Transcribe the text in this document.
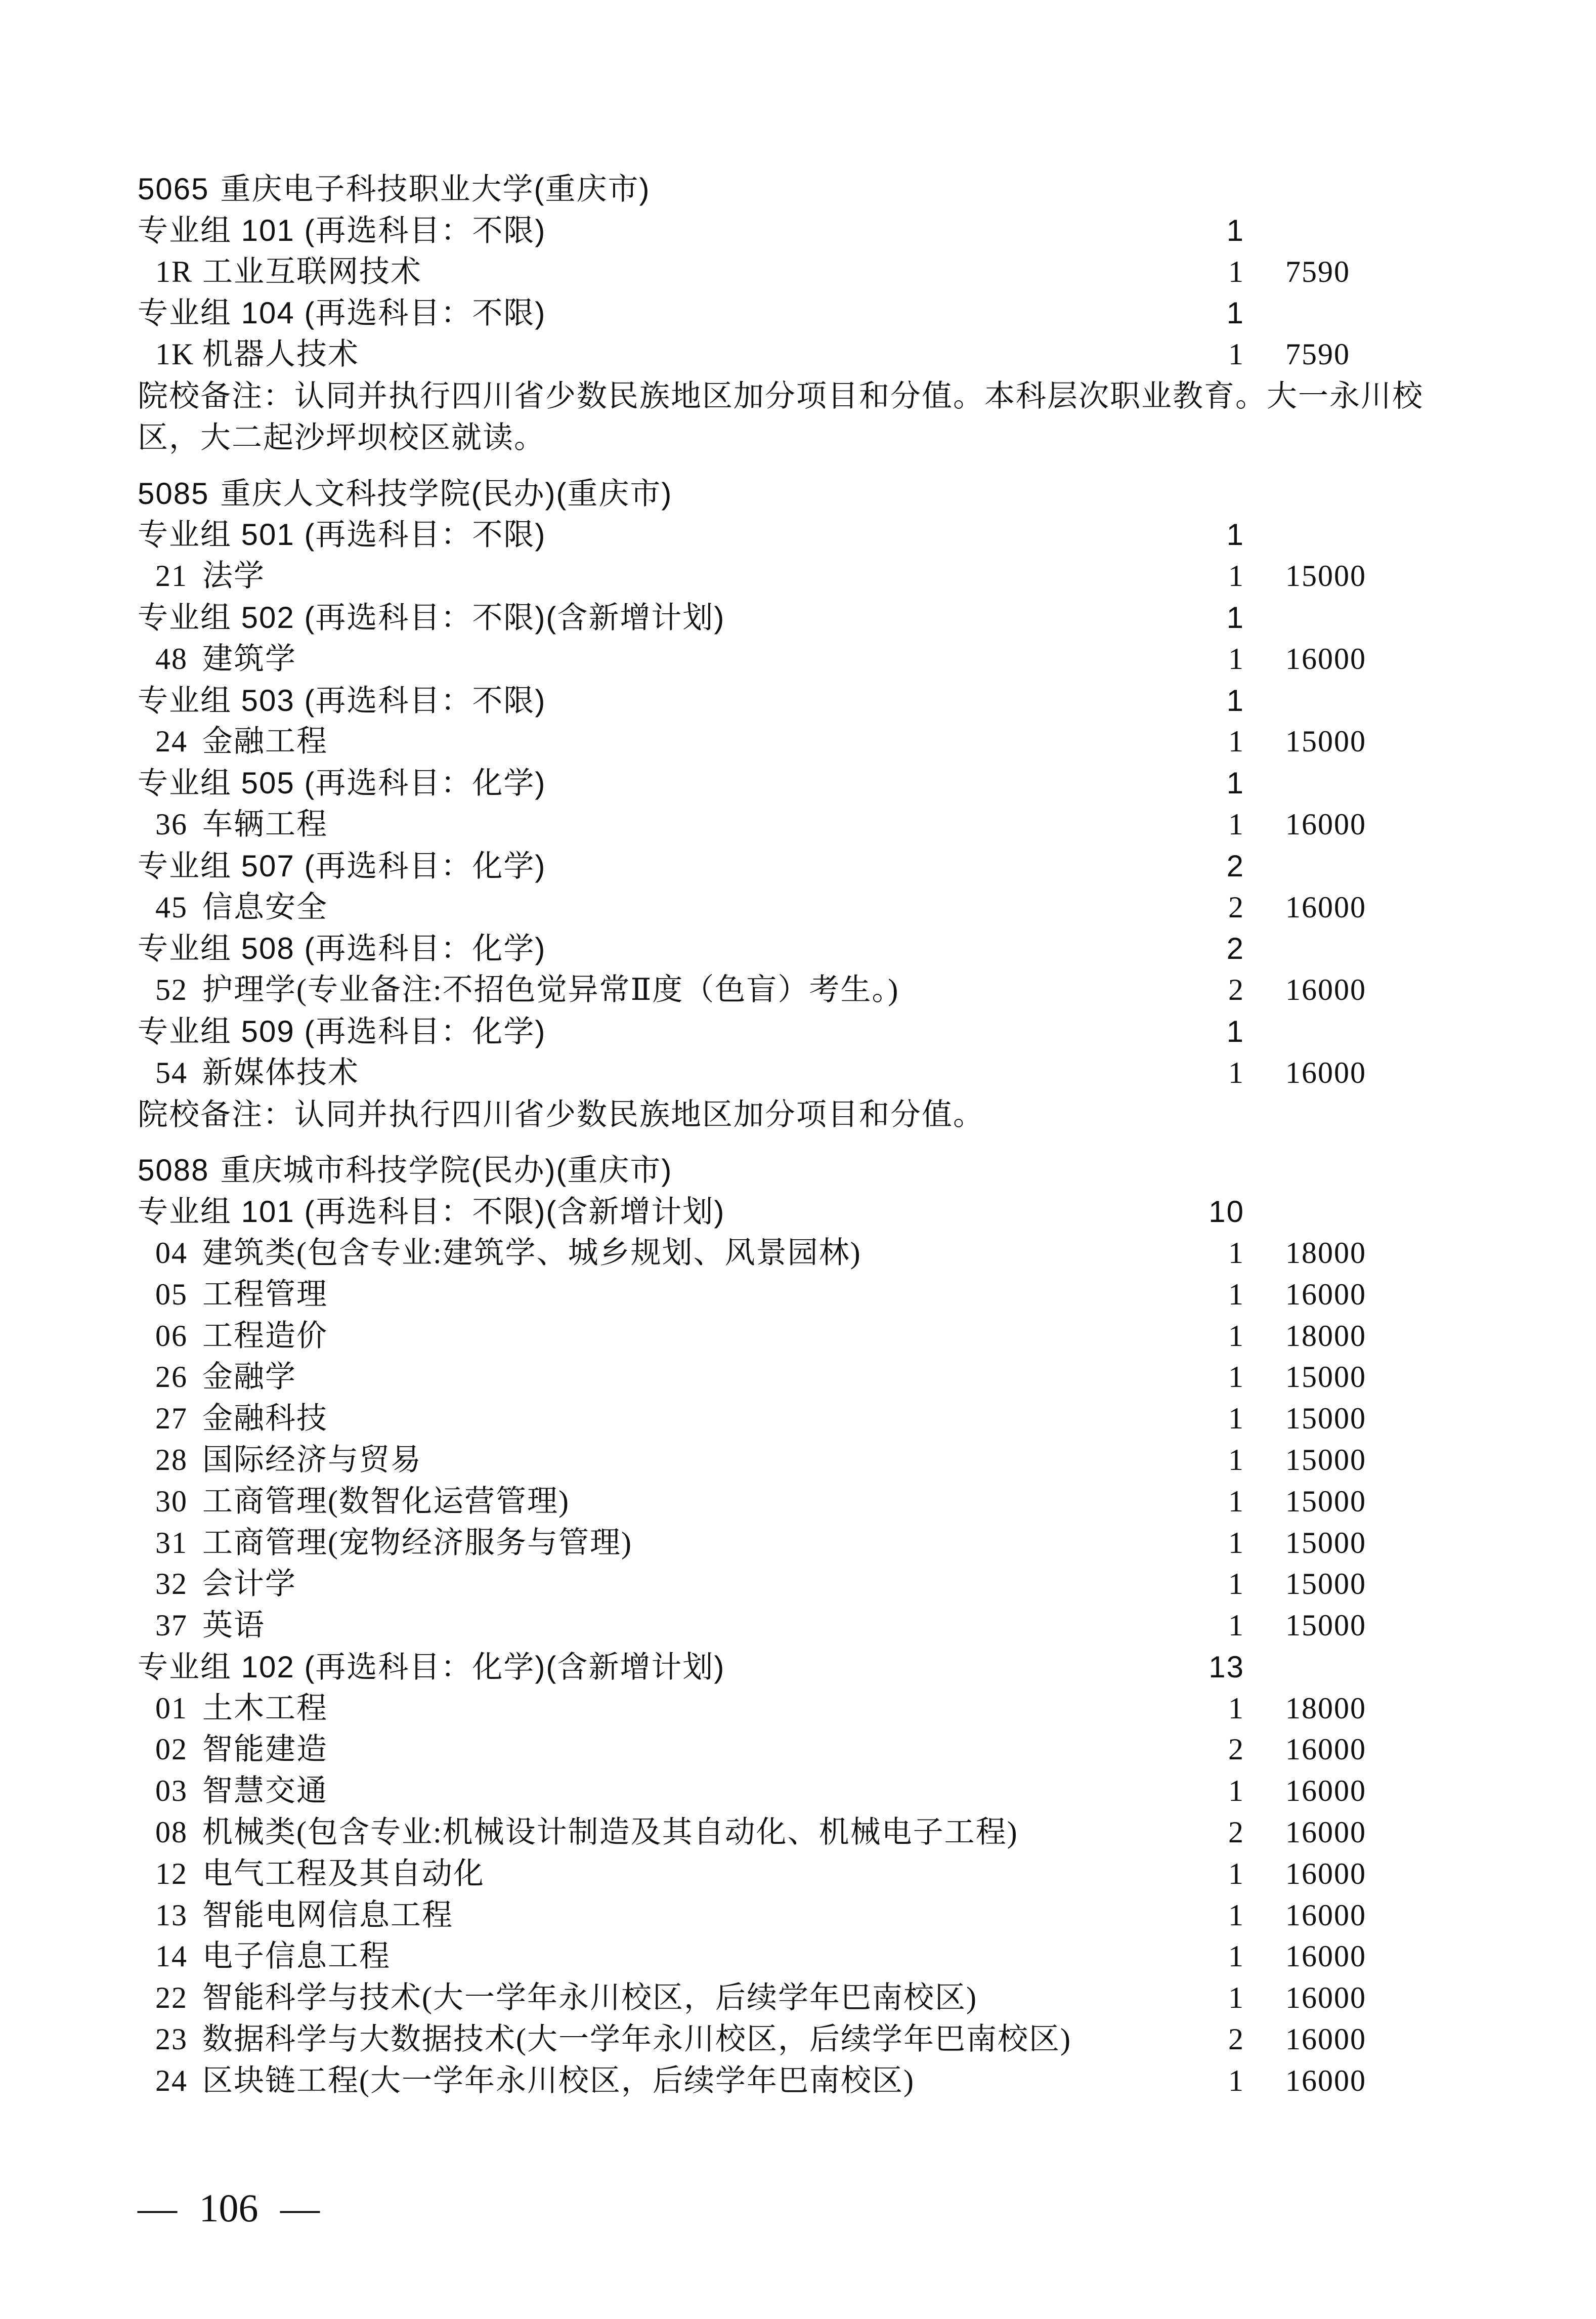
5065 重庆电子科技职业大学(重庆市)
专业组 101 (再选科目：不限)	1
1R 工业互联网技术	1 7590
专业组 104 (再选科目：不限)	1
1K 机器人技术	1 7590
院校备注：认同并执行四川省少数民族地区加分项目和分值。本科层次职业教育。大一永川校
区，大二起沙坪坝校区就读。
5085 重庆人文科技学院(民办)(重庆市)
专业组 501 (再选科目：不限)	1
21 法学	1 15000
专业组 502 (再选科目：不限)(含新增计划)	1
48 建筑学	1 16000
专业组 503 (再选科目：不限)	1
24 金融工程	1 15000
专业组 505 (再选科目：化学)	1
36 车辆工程	1 16000
专业组 507 (再选科目：化学)	2
45 信息安全	2 16000
专业组 508 (再选科目：化学)	2
52 护理学(专业备注:不招色觉异常Ⅱ度（色盲）考生。)	2 16000
专业组 509 (再选科目：化学)	1
54 新媒体技术	1 16000
院校备注：认同并执行四川省少数民族地区加分项目和分值。
5088 重庆城市科技学院(民办)(重庆市)
专业组 101 (再选科目：不限)(含新增计划)	10
04 建筑类(包含专业:建筑学、城乡规划、风景园林)	1 18000
05 工程管理	1 16000
06 工程造价	1 18000
26 金融学	1 15000
27 金融科技	1 15000
28 国际经济与贸易	1 15000
30 工商管理(数智化运营管理)	1 15000
31 工商管理(宠物经济服务与管理)	1 15000
32 会计学	1 15000
37 英语	1 15000
专业组 102 (再选科目：化学)(含新增计划)	13
01 土木工程	1 18000
02 智能建造	2 16000
03 智慧交通	1 16000
08 机械类(包含专业:机械设计制造及其自动化、机械电子工程)	2 16000
12 电气工程及其自动化	1 16000
13 智能电网信息工程	1 16000
14 电子信息工程	1 16000
22 智能科学与技术(大一学年永川校区，后续学年巴南校区)	1 16000
23 数据科学与大数据技术(大一学年永川校区，后续学年巴南校区)	2 16000
24 区块链工程(大一学年永川校区，后续学年巴南校区)	1 16000
— 106 —
